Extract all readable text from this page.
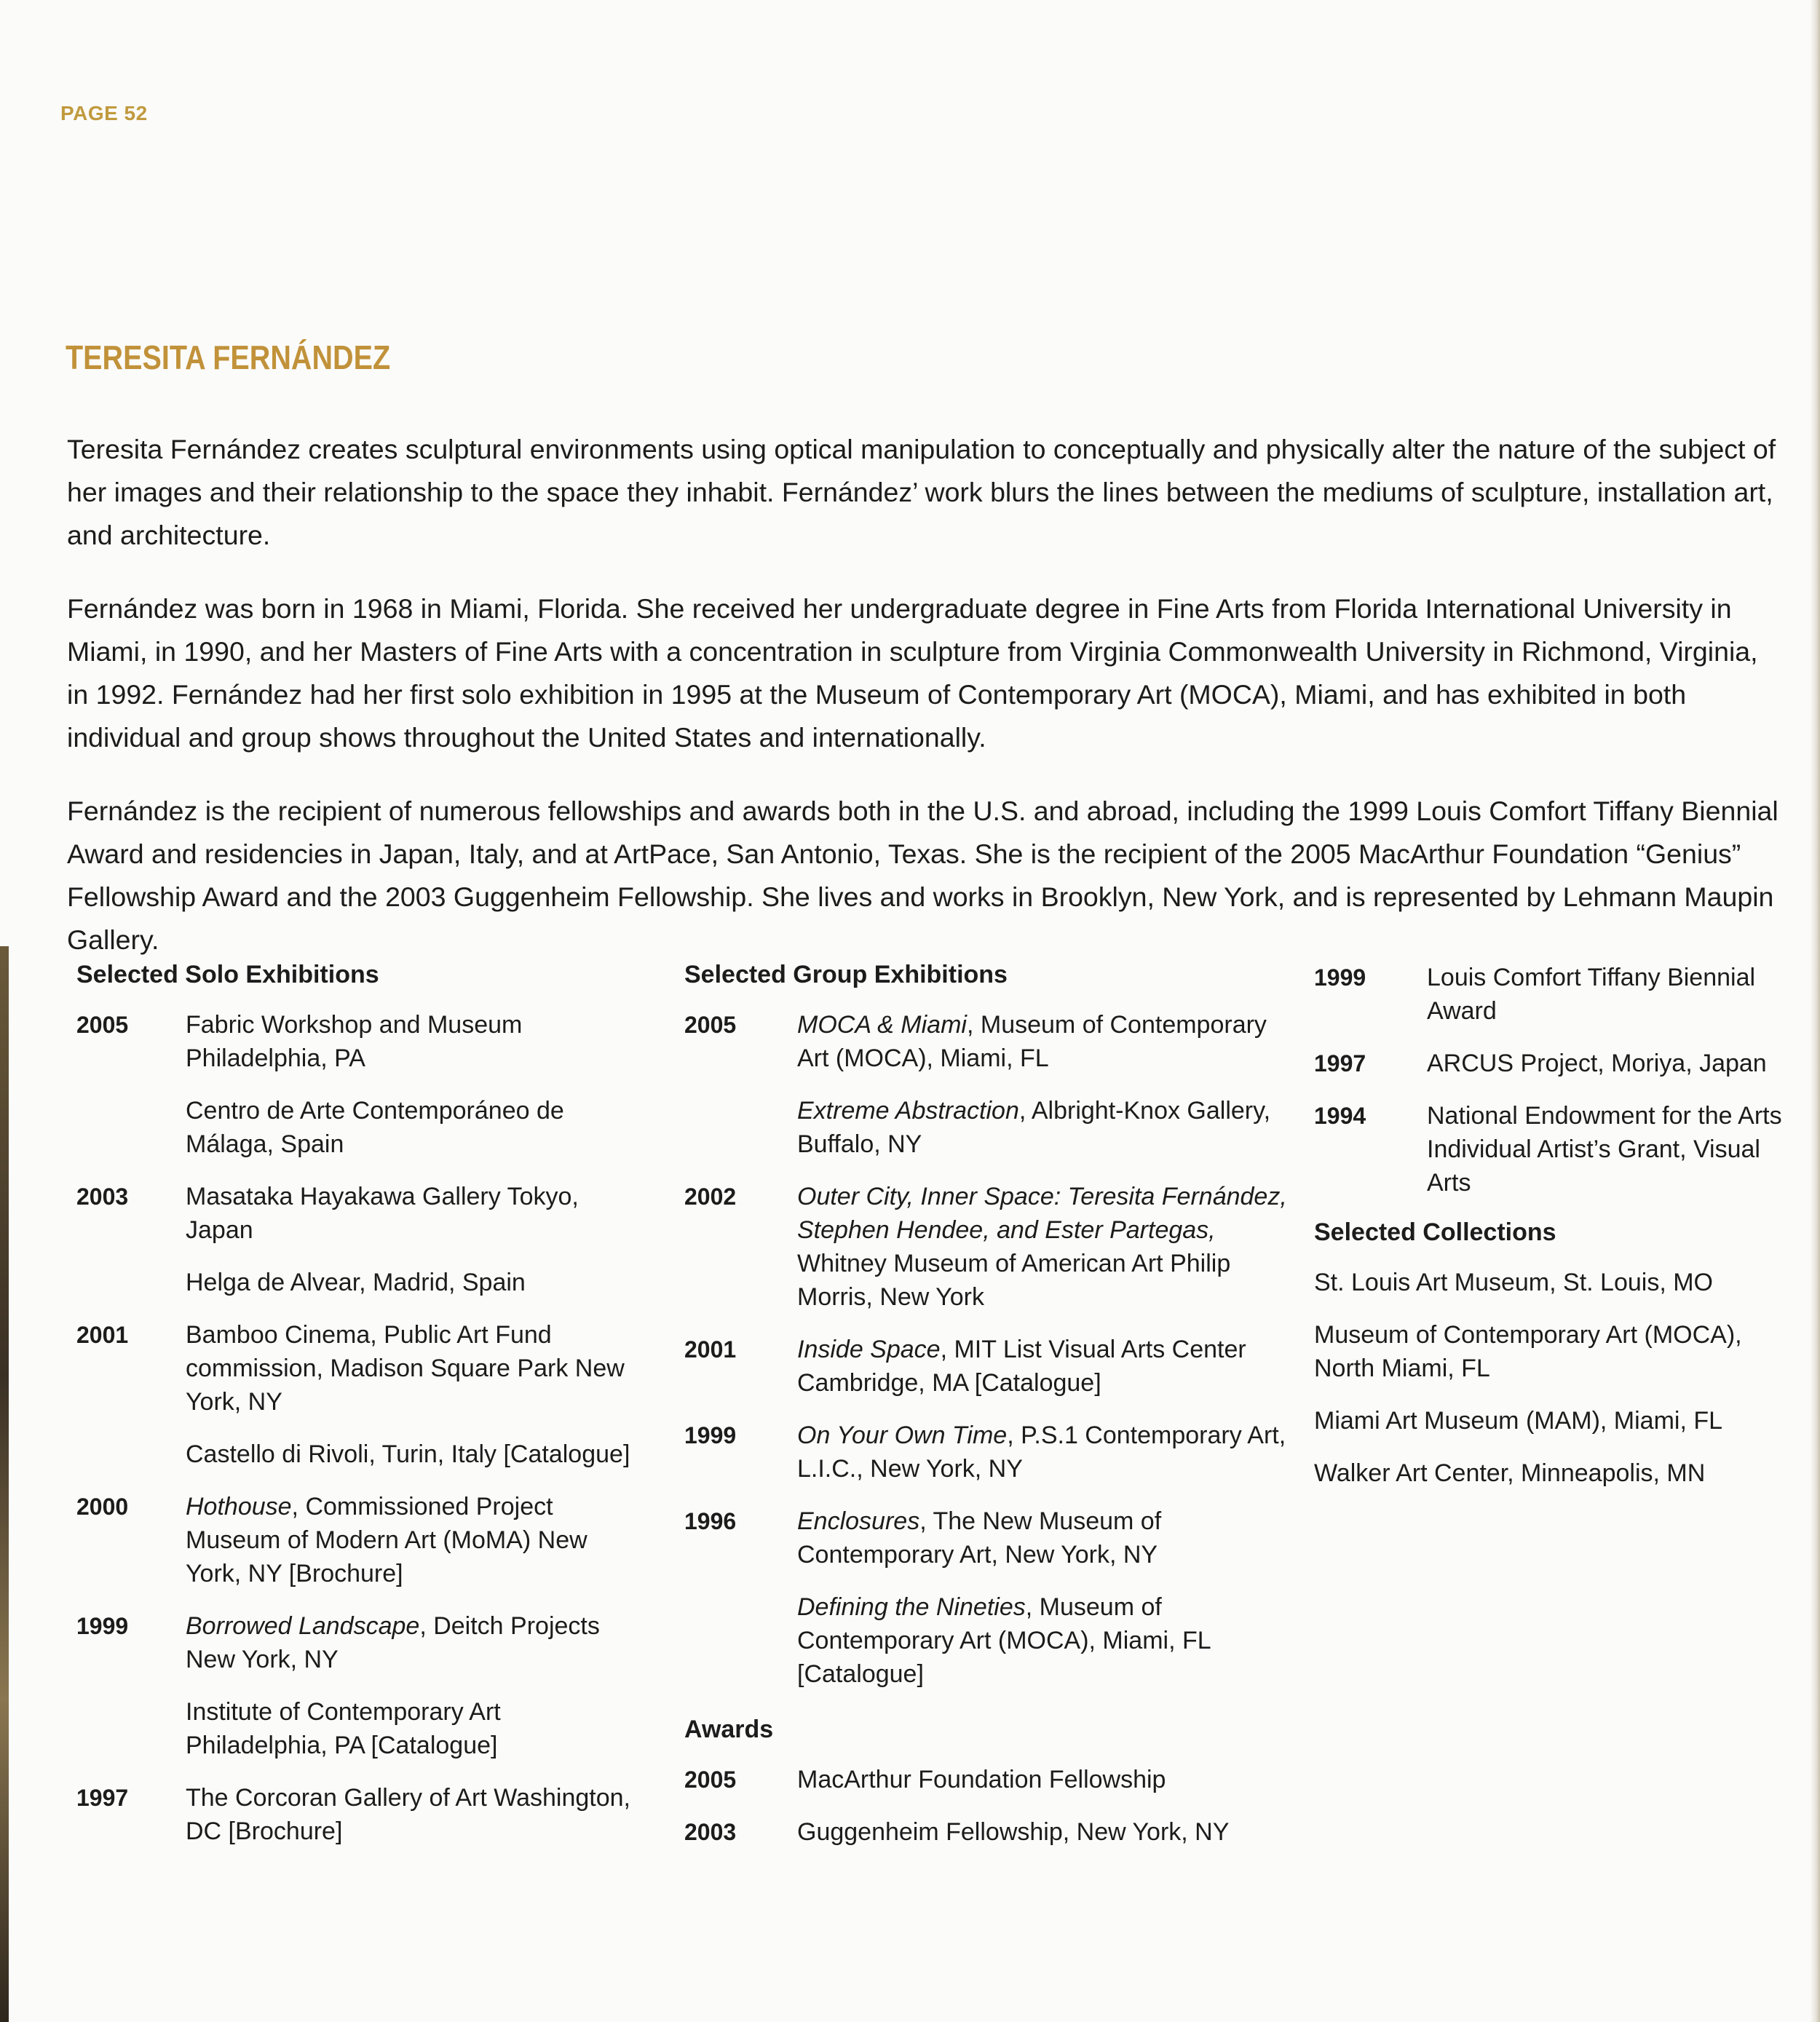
PAGE 52
TERESITA FERNÁNDEZ

Teresita Fernández creates sculptural environments using optical manipulation to conceptually and physically alter the nature of the subject of her images and their relationship to the space they inhabit. Fernández’ work blurs the lines between the mediums of sculpture, installation art, and architecture.

Fernández was born in 1968 in Miami, Florida. She received her undergraduate degree in Fine Arts from Florida International University in Miami, in 1990, and her Masters of Fine Arts with a concentration in sculpture from Virginia Commonwealth University in Richmond, Virginia, in 1992. Fernández had her first solo exhibition in 1995 at the Museum of Contemporary Art (MOCA), Miami, and has exhibited in both individual and group shows throughout the United States and internationally.

Fernández is the recipient of numerous fellowships and awards both in the U.S. and abroad, including the 1999 Louis Comfort Tiffany Biennial Award and residencies in Japan, Italy, and at ArtPace, San Antonio, Texas. She is the recipient of the 2005 MacArthur Foundation “Genius” Fellowship Award and the 2003 Guggenheim Fellowship. She lives and works in Brooklyn, New York, and is represented by Lehmann Maupin Gallery.

Selected Solo Exhibitions
2005	Fabric Workshop and Museum Philadelphia, PA
Centro de Arte Contemporáneo de Málaga, Spain
2003	Masataka Hayakawa Gallery Tokyo, Japan
Helga de Alvear, Madrid, Spain
2001	Bamboo Cinema, Public Art Fund commission, Madison Square Park New York, NY
Castello di Rivoli, Turin, Italy [Catalogue]
2000	Hothouse, Commissioned Project Museum of Modern Art (MoMA) New York, NY [Brochure]
1999	Borrowed Landscape, Deitch Projects New York, NY
Institute of Contemporary Art Philadelphia, PA [Catalogue]
1997	The Corcoran Gallery of Art Washington, DC [Brochure]
Selected Group Exhibitions
2005	MOCA & Miami, Museum of Contemporary Art (MOCA), Miami, FL
Extreme Abstraction, Albright-Knox Gallery, Buffalo, NY
2002	Outer City, Inner Space: Teresita Fernández, Stephen Hendee, and Ester Partegas, Whitney Museum of American Art Philip Morris, New York
2001	Inside Space, MIT List Visual Arts Center Cambridge, MA [Catalogue]
1999	On Your Own Time, P.S.1 Contemporary Art, L.I.C., New York, NY
1996	Enclosures, The New Museum of Contemporary Art, New York, NY
Defining the Nineties, Museum of Contemporary Art (MOCA), Miami, FL [Catalogue]
Awards
2005	MacArthur Foundation Fellowship
2003	Guggenheim Fellowship, New York, NY
1999	Louis Comfort Tiffany Biennial Award
1997	ARCUS Project, Moriya, Japan
1994	National Endowment for the Arts Individual Artist’s Grant, Visual Arts
Selected Collections
St. Louis Art Museum, St. Louis, MO
Museum of Contemporary Art (MOCA), North Miami, FL
Miami Art Museum (MAM), Miami, FL
Walker Art Center, Minneapolis, MN
